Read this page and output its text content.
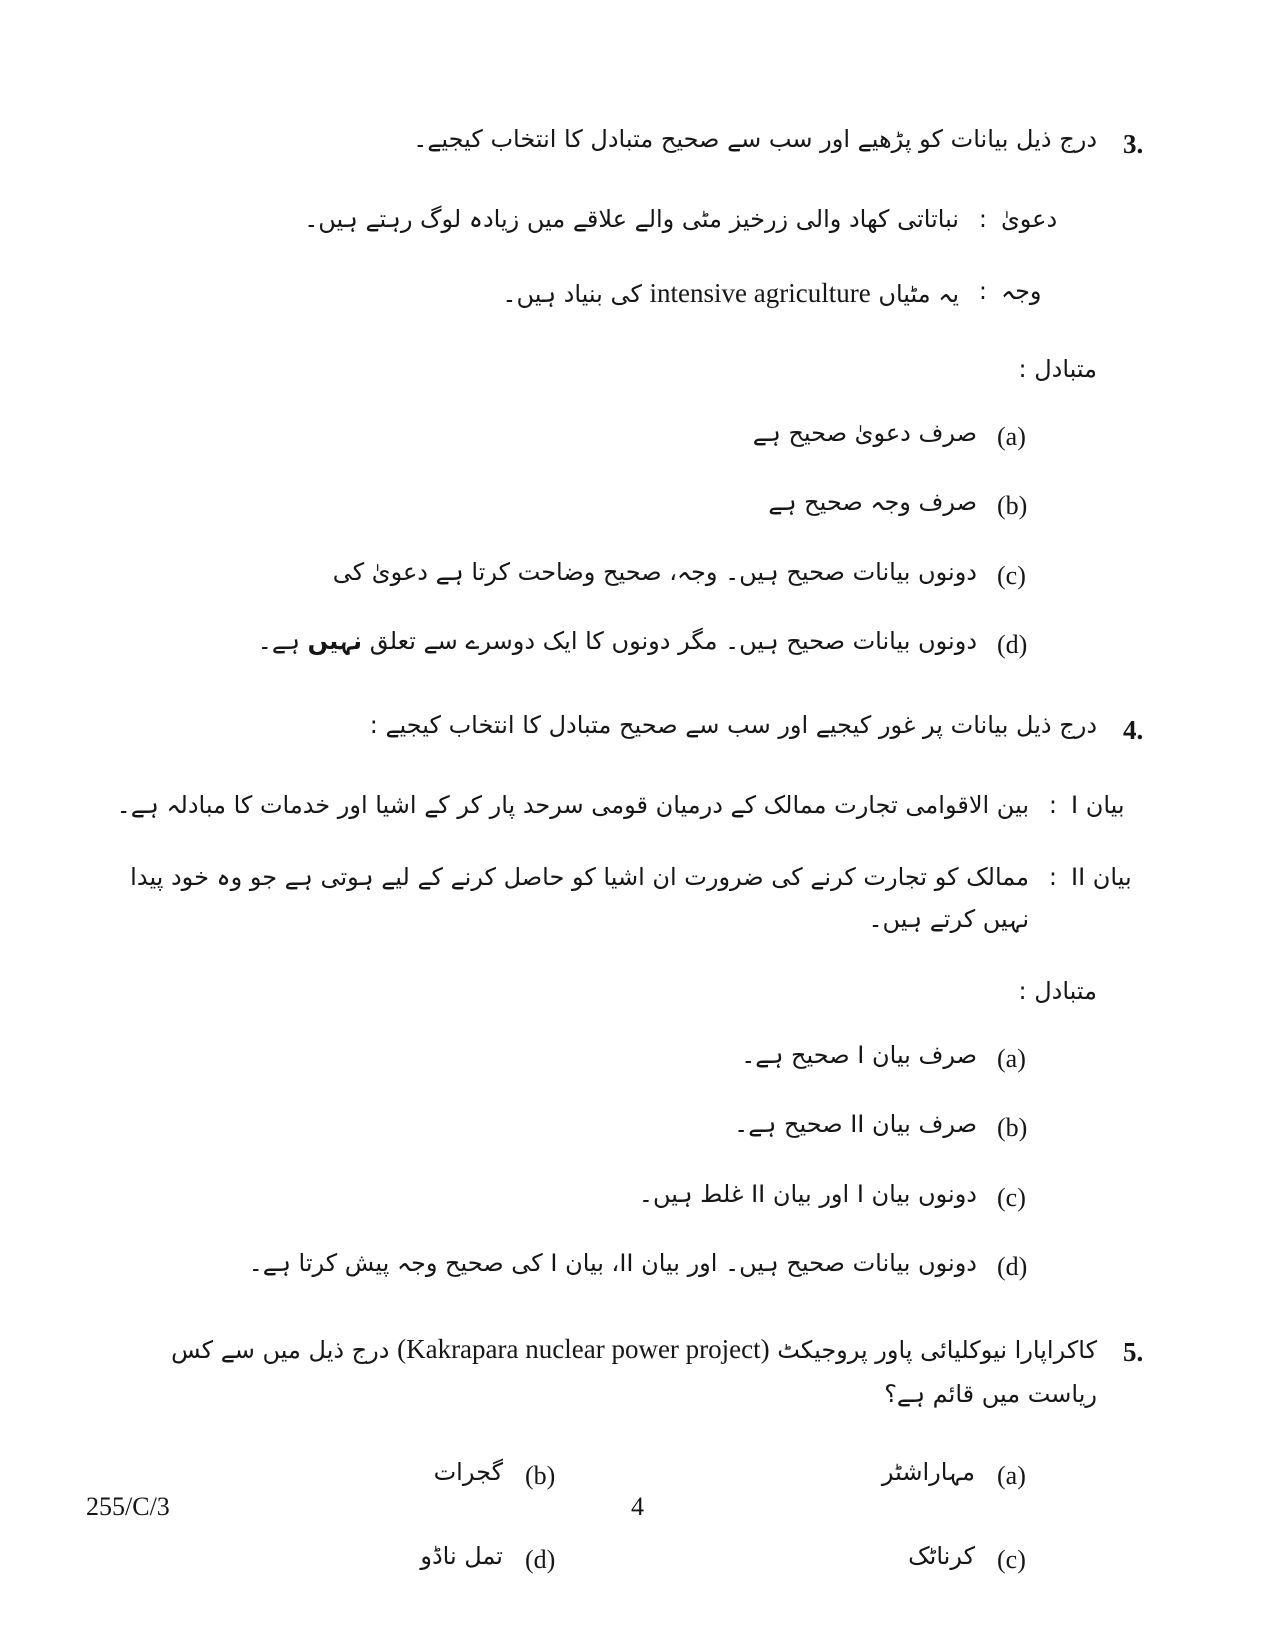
3.
درج ذیل بیانات کو پڑھیے اور سب سے صحیح متبادل کا انتخاب کیجیے۔
دعویٰ
:
نباتاتی کھاد والی زرخیز مٹی والے علاقے میں زیادہ لوگ رہتے ہیں۔
وجہ
:
یہ مٹیاں intensive agriculture کی بنیاد ہیں۔
متبادل :
(a)
صرف دعویٰ صحیح ہے
(b)
صرف وجہ صحیح ہے
(c)
دونوں بیانات صحیح ہیں۔ وجہ، صحیح وضاحت کرتا ہے دعویٰ کی
(d)
دونوں بیانات صحیح ہیں۔ مگر دونوں کا ایک دوسرے سے تعلق نہیں ہے۔
4.
درج ذیل بیانات پر غور کیجیے اور سب سے صحیح متبادل کا انتخاب کیجیے :
بیان I
:
بین الاقوامی تجارت ممالک کے درمیان قومی سرحد پار کر کے اشیا اور خدمات کا مبادلہ ہے۔
بیان II
:
ممالک کو تجارت کرنے کی ضرورت ان اشیا کو حاصل کرنے کے لیے ہوتی ہے جو وہ خود پیدا نہیں کرتے ہیں۔
متبادل :
(a)
صرف بیان I صحیح ہے۔
(b)
صرف بیان II صحیح ہے۔
(c)
دونوں بیان I اور بیان II غلط ہیں۔
(d)
دونوں بیانات صحیح ہیں۔ اور بیان II، بیان I کی صحیح وجہ پیش کرتا ہے۔
5.
کاکراپارا نیوکلیائی پاور پروجیکٹ (Kakrapara nuclear power project) درج ذیل میں سے کس ریاست میں قائم ہے؟
(a)
مہاراشٹر
(b)
گجرات
(c)
کرناٹک
(d)
تمل ناڈو
255/C/3	4
